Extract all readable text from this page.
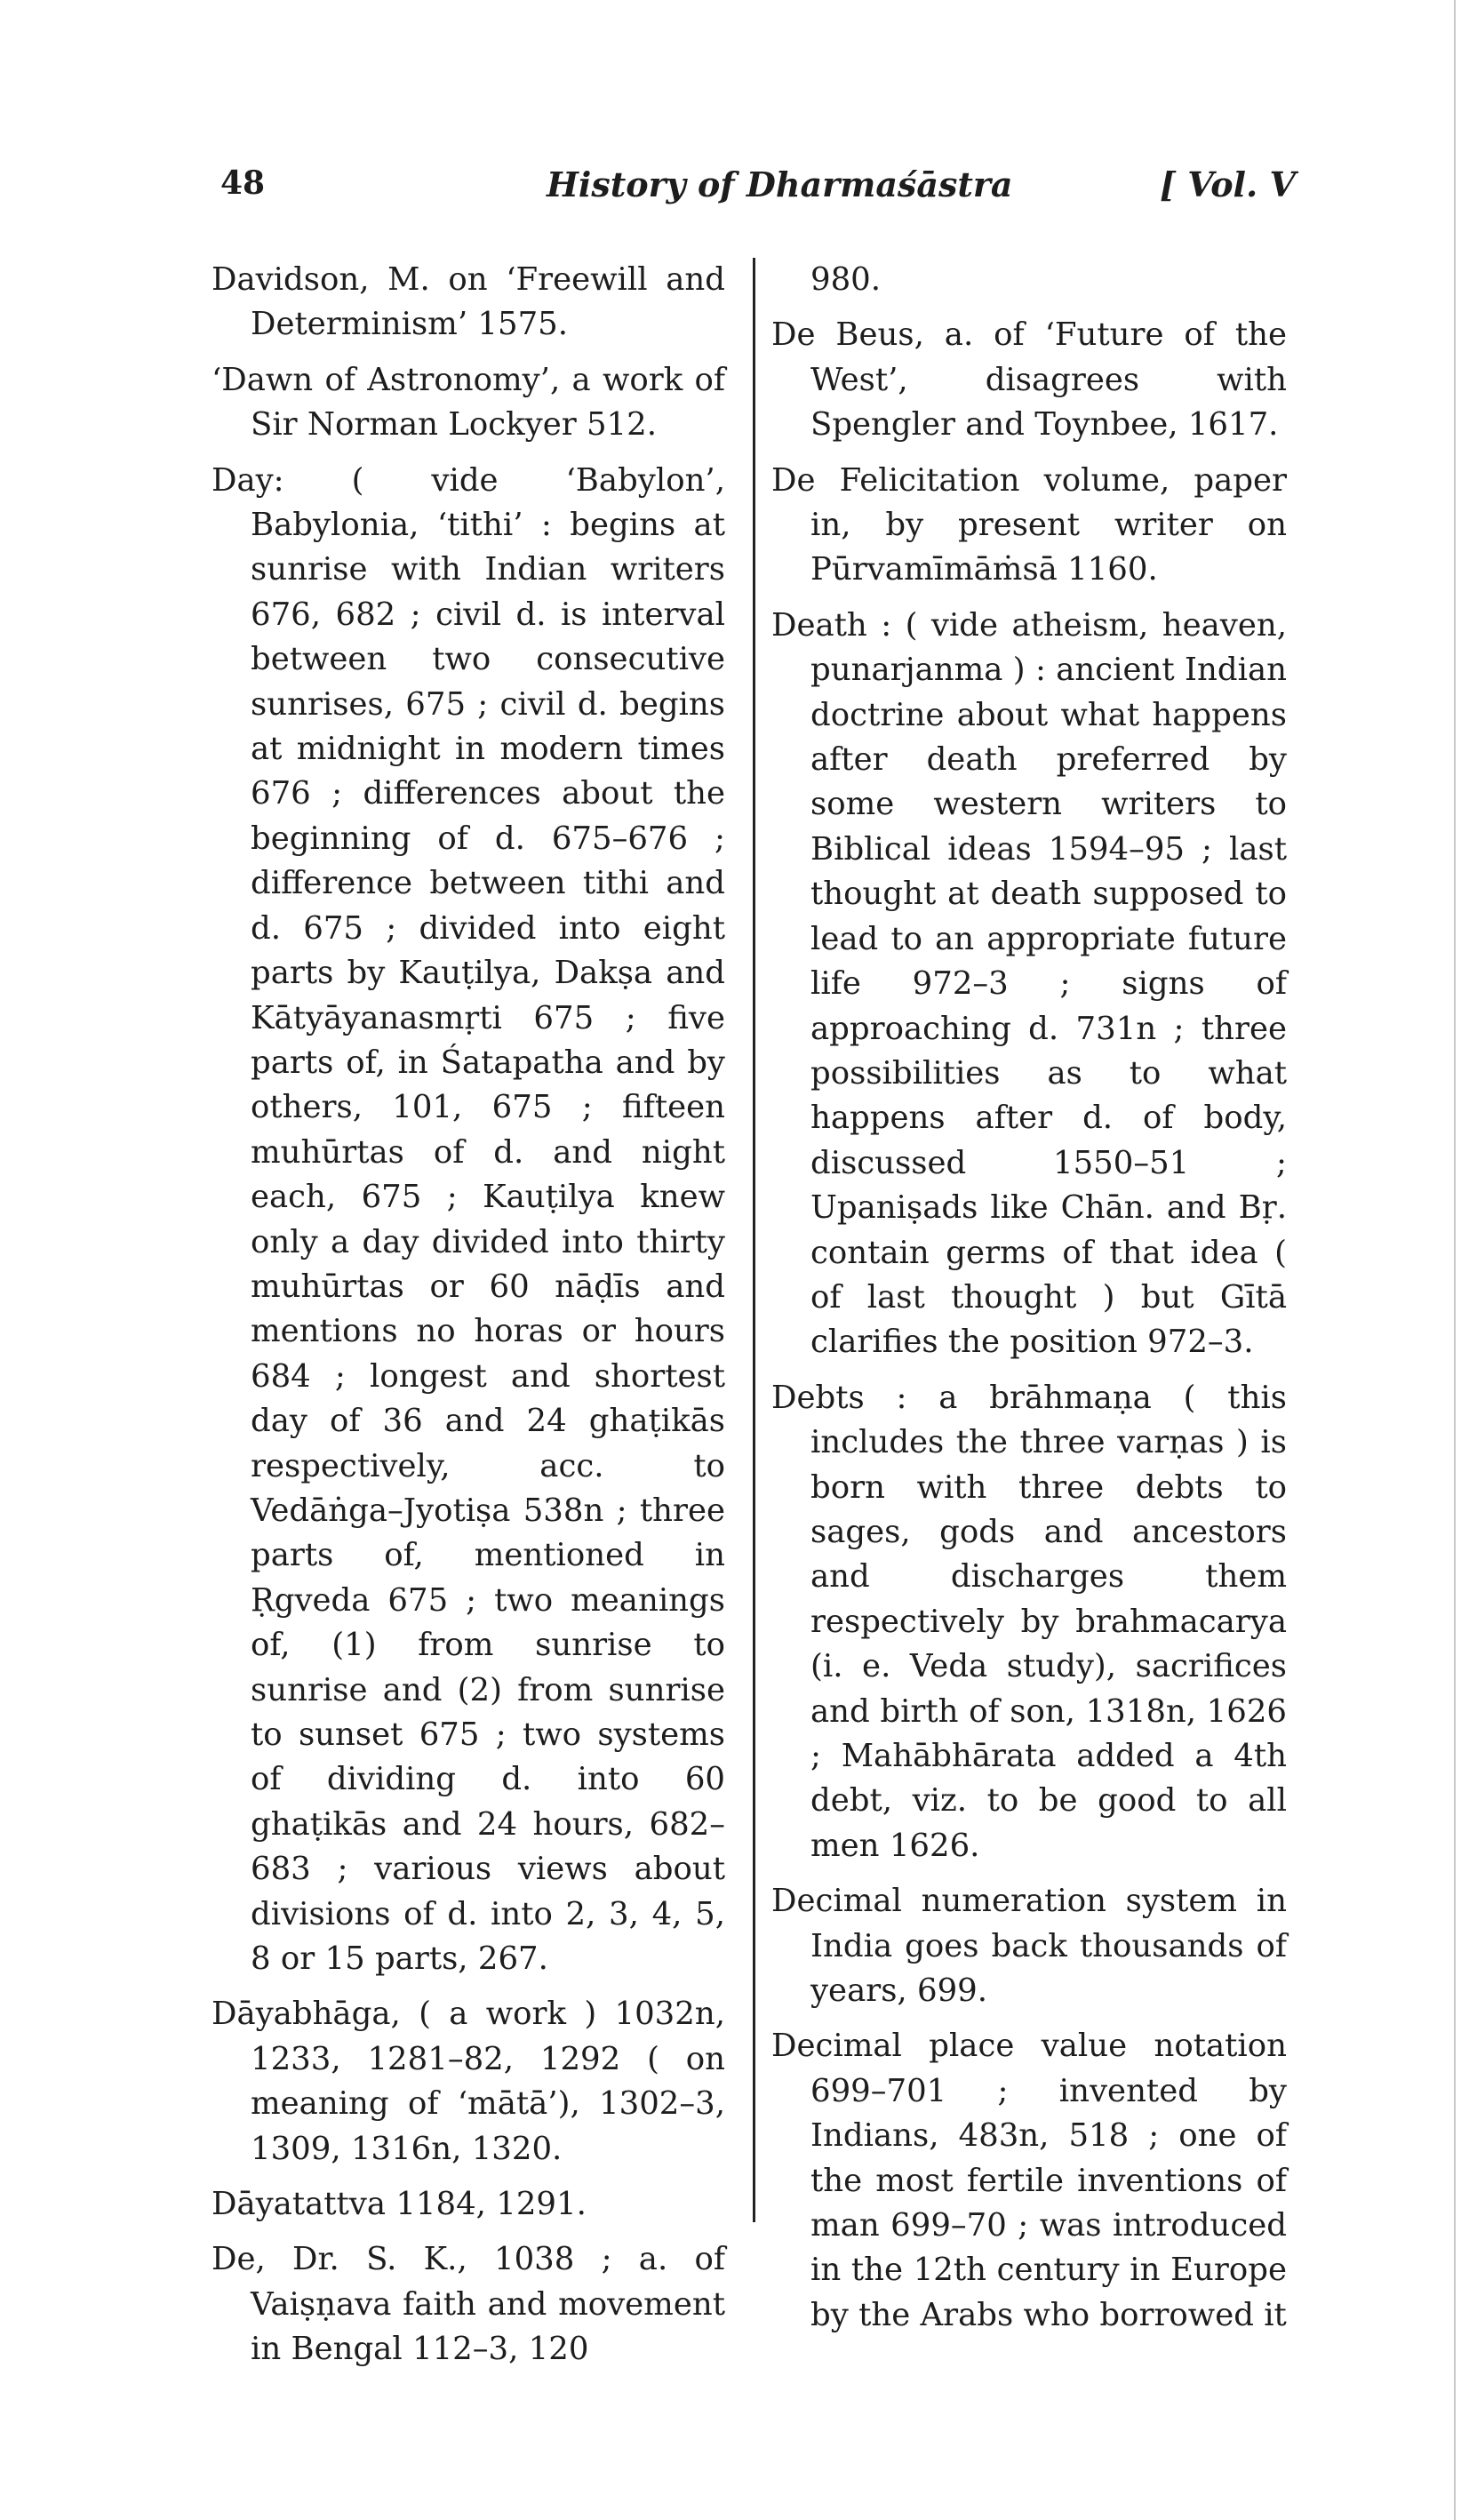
48	History of Dharmaśāstra	[ Vol. V

Davidson, M. on ‘Freewill and Determinism’ 1575.

‘Dawn of Astronomy’, a work of Sir Norman Lockyer 512.

Day: ( vide ‘Babylon’, Babylonia, ‘tithi’ : begins at sunrise with Indian writers 676, 682 ; civil d. is interval between two consecutive sunrises, 675 ; civil d. begins at midnight in modern times 676 ; differences about the beginning of d. 675–676 ; difference between tithi and d. 675 ; divided into eight parts by Kauṭilya, Dakṣa and Kātyāyanasmṛti 675 ; five parts of, in Śatapatha and by others, 101, 675 ; fifteen muhūrtas of d. and night each, 675 ; Kauṭilya knew only a day divided into thirty muhūrtas or 60 nāḍīs and mentions no horas or hours 684 ; longest and shortest day of 36 and 24 ghaṭikās respectively, acc. to Vedāṅga–Jyotiṣa 538n ; three parts of, mentioned in Ṛgveda 675 ; two meanings of, (1) from sunrise to sunrise and (2) from sunrise to sunset 675 ; two systems of dividing d. into 60 ghaṭikās and 24 hours, 682–683 ; various views about divisions of d. into 2, 3, 4, 5, 8 or 15 parts, 267.

Dāyabhāga, ( a work ) 1032n, 1233, 1281–82, 1292 ( on meaning of ‘mātā’), 1302–3, 1309, 1316n, 1320.

Dāyatattva 1184, 1291.

De, Dr. S. K., 1038 ; a. of Vaiṣṇava faith and movement in Bengal 112–3, 120

980.

De Beus, a. of ‘Future of the West’, disagrees with Spengler and Toynbee, 1617.

De Felicitation volume, paper in, by present writer on Pūrvamīmāṁsā 1160.

Death : ( vide atheism, heaven, punarjanma ) : ancient Indian doctrine about what happens after death preferred by some western writers to Biblical ideas 1594–95 ; last thought at death supposed to lead to an appropriate future life 972–3 ; signs of approaching d. 731n ; three possibilities as to what happens after d. of body, discussed 1550–51 ; Upaniṣads like Chān. and Bṛ. contain germs of that idea ( of last thought ) but Gītā clarifies the position 972–3.

Debts : a brāhmaṇa ( this includes the three varṇas ) is born with three debts to sages, gods and ancestors and discharges them respectively by brahmacarya (i. e. Veda study), sacrifices and birth of son, 1318n, 1626 ; Mahābhārata added a 4th debt, viz. to be good to all men 1626.

Decimal numeration system in India goes back thousands of years, 699.

Decimal place value notation 699–701 ; invented by Indians, 483n, 518 ; one of the most fertile inventions of man 699–70 ; was introduced in the 12th century in Europe by the Arabs who borrowed it
